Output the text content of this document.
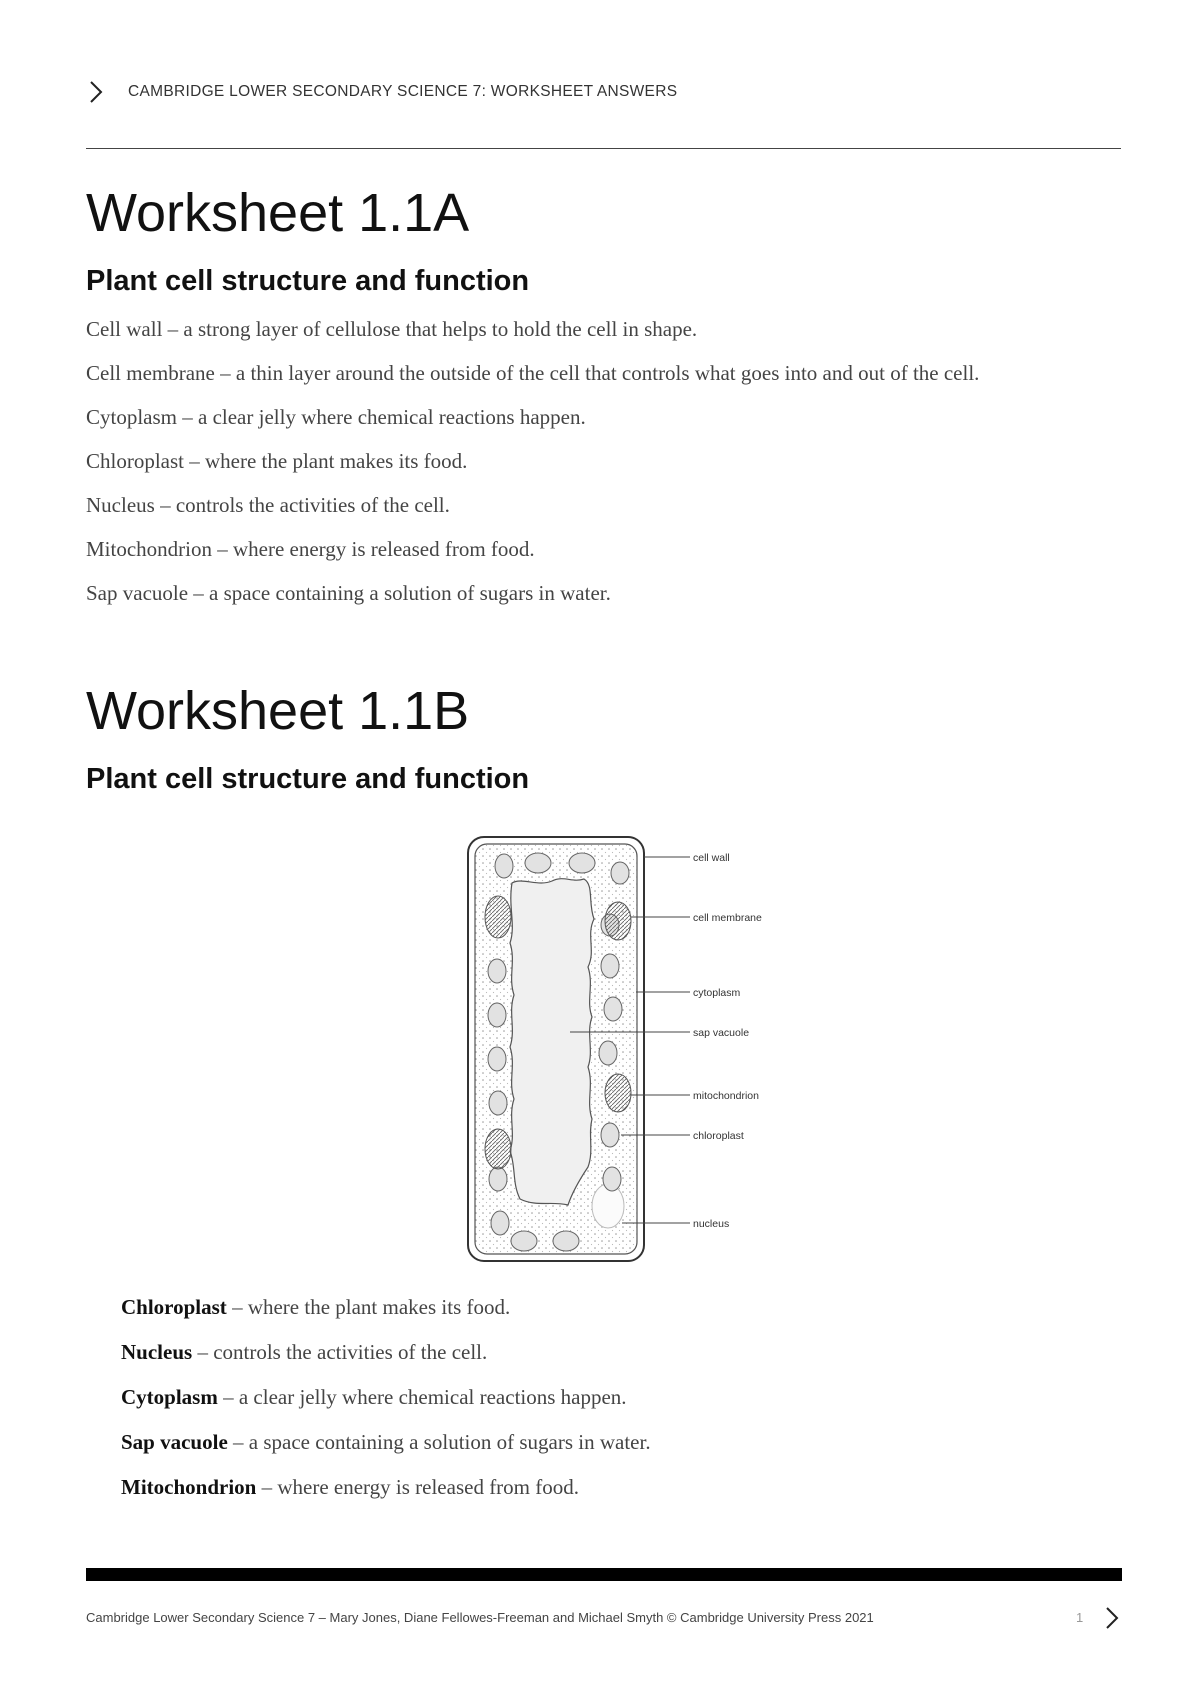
CAMBRIDGE LOWER SECONDARY SCIENCE 7: WORKSHEET ANSWERS
Worksheet 1.1A
Plant cell structure and function

Cell wall – a strong layer of cellulose that helps to hold the cell in shape.

Cell membrane – a thin layer around the outside of the cell that controls what goes into and out of the cell.

Cytoplasm – a clear jelly where chemical reactions happen.

Chloroplast – where the plant makes its food.

Nucleus – controls the activities of the cell.

Mitochondrion – where energy is released from food.

Sap vacuole – a space containing a solution of sugars in water.

Worksheet 1.1B
Plant cell structure and function
cell wall
cell membrane
cytoplasm
sap vacuole
mitochondrion
chloroplast
nucleus

Chloroplast – where the plant makes its food.

Nucleus – controls the activities of the cell.

Cytoplasm – a clear jelly where chemical reactions happen.

Sap vacuole – a space containing a solution of sugars in water.

Mitochondrion – where energy is released from food.

Cambridge Lower Secondary Science 7 – Mary Jones, Diane Fellowes-Freeman and Michael Smyth © Cambridge University Press 2021	1
